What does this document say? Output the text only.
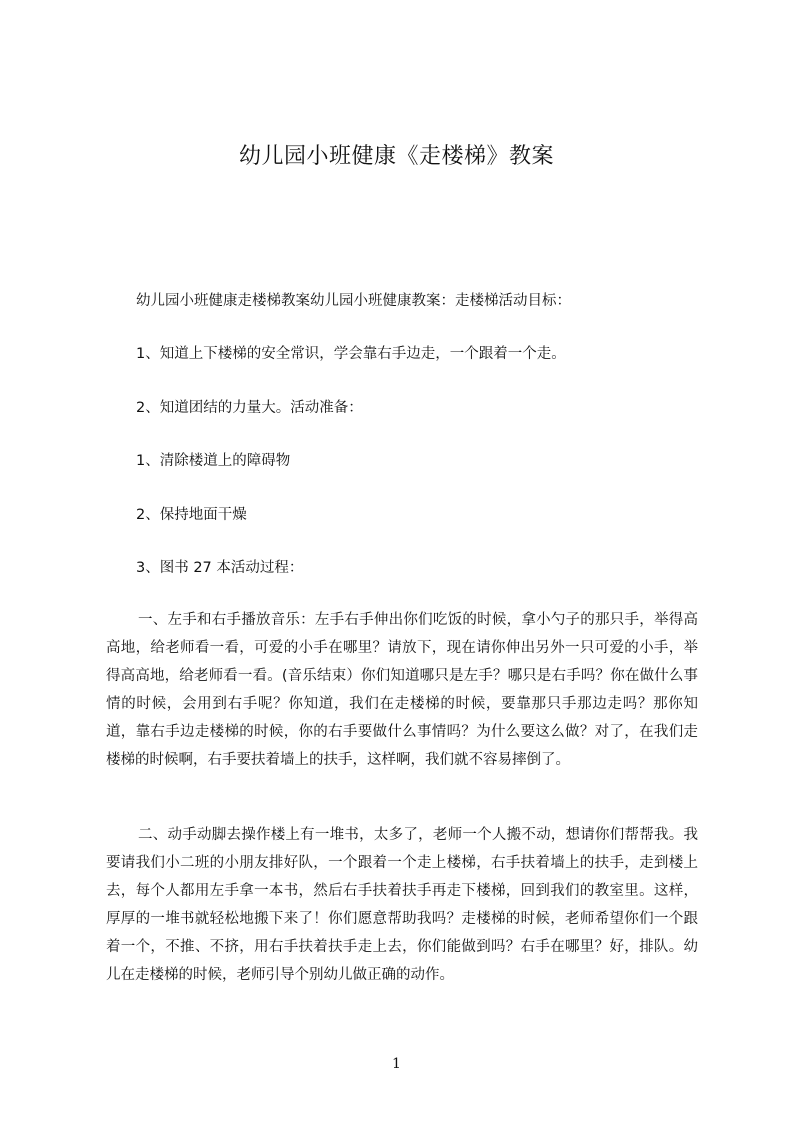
幼儿园小班健康《走楼梯》教案
幼儿园小班健康走楼梯教案幼儿园小班健康教案：走楼梯活动目标：
1、知道上下楼梯的安全常识，学会靠右手边走，一个跟着一个走。
2、知道团结的力量大。活动准备：
1、清除楼道上的障碍物
2、保持地面干燥
3、图书 27 本活动过程：
一、左手和右手播放音乐：左手右手伸出你们吃饭的时候，拿小勺子的那只手，举得高高地，给老师看一看，可爱的小手在哪里？请放下，现在请你伸出另外一只可爱的小手，举得高高地，给老师看一看。(音乐结束）你们知道哪只是左手？哪只是右手吗？你在做什么事情的时候，会用到右手呢？你知道，我们在走楼梯的时候，要靠那只手那边走吗？那你知道，靠右手边走楼梯的时候，你的右手要做什么事情吗？为什么要这么做？对了，在我们走楼梯的时候啊，右手要扶着墙上的扶手，这样啊，我们就不容易摔倒了。
二、动手动脚去操作楼上有一堆书，太多了，老师一个人搬不动，想请你们帮帮我。我要请我们小二班的小朋友排好队，一个跟着一个走上楼梯，右手扶着墙上的扶手，走到楼上去，每个人都用左手拿一本书，然后右手扶着扶手再走下楼梯，回到我们的教室里。这样，厚厚的一堆书就轻松地搬下来了！你们愿意帮助我吗？走楼梯的时候，老师希望你们一个跟着一个，不推、不挤，用右手扶着扶手走上去，你们能做到吗？右手在哪里？好，排队。幼儿在走楼梯的时候，老师引导个别幼儿做正确的动作。
1
